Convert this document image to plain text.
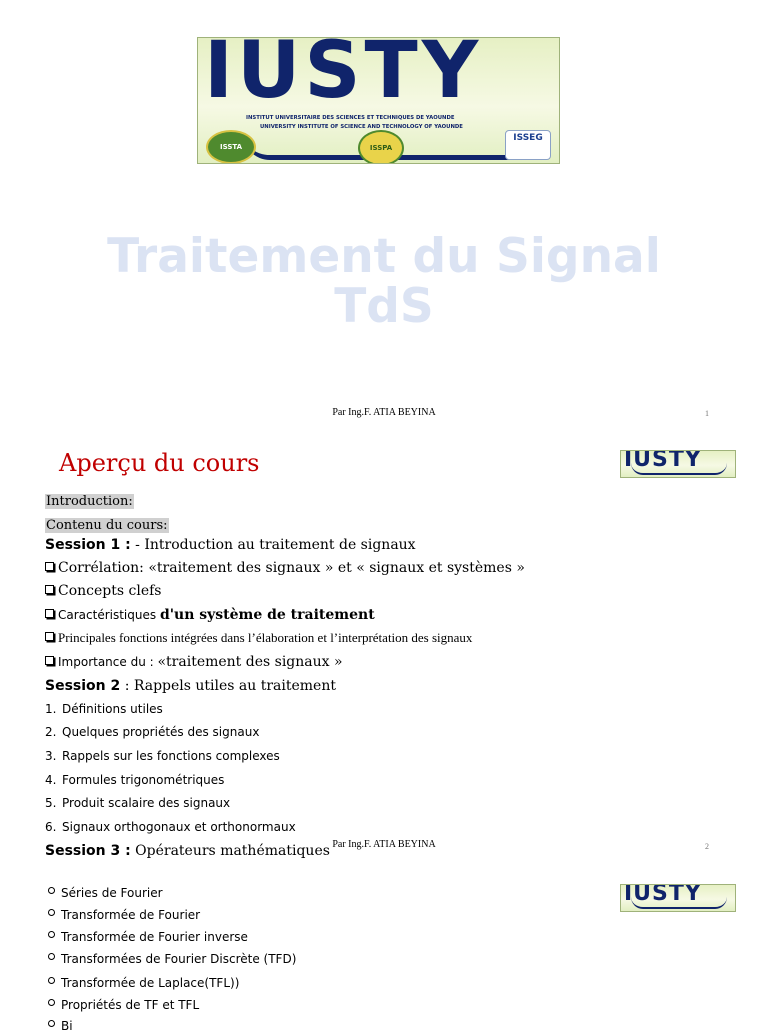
IUSTY
INSTITUT UNIVERSITAIRE DES SCIENCES ET TECHNIQUES DE YAOUNDE
UNIVERSITY INSTITUTE OF SCIENCE AND TECHNOLOGY OF YAOUNDE
ISSTA	ISSPA
ISSEG
Traitement du Signal
TdS
Par Ing.F. ATIA BEYINA	1
IUSTY
Aperçu du cours
Introduction:
Contenu du cours:
Session 1 : - Introduction au traitement de signaux
Corrélation: «traitement des signaux » et « signaux et systèmes »
Concepts clefs
Caractéristiques d'un système de traitement
Principales fonctions intégrées dans l’élaboration et l’interprétation des signaux
Importance du : «traitement des signaux »
Session 2 : Rappels utiles au traitement
1. Définitions utiles
2. Quelques propriétés des signaux
3. Rappels sur les fonctions complexes
4. Formules trigonométriques
5. Produit scalaire des signaux
6. Signaux orthogonaux et orthonormaux
Session 3 : Opérateurs mathématiques Par Ing.F. ATIA BEYINA	2
IUSTY
Séries de Fourier
Transformée de Fourier
Transformée de Fourier inverse
Transformées de Fourier Discrète (TFD)
Transformée de Laplace(TFL))
Propriétés de TF et TFL
Bi
